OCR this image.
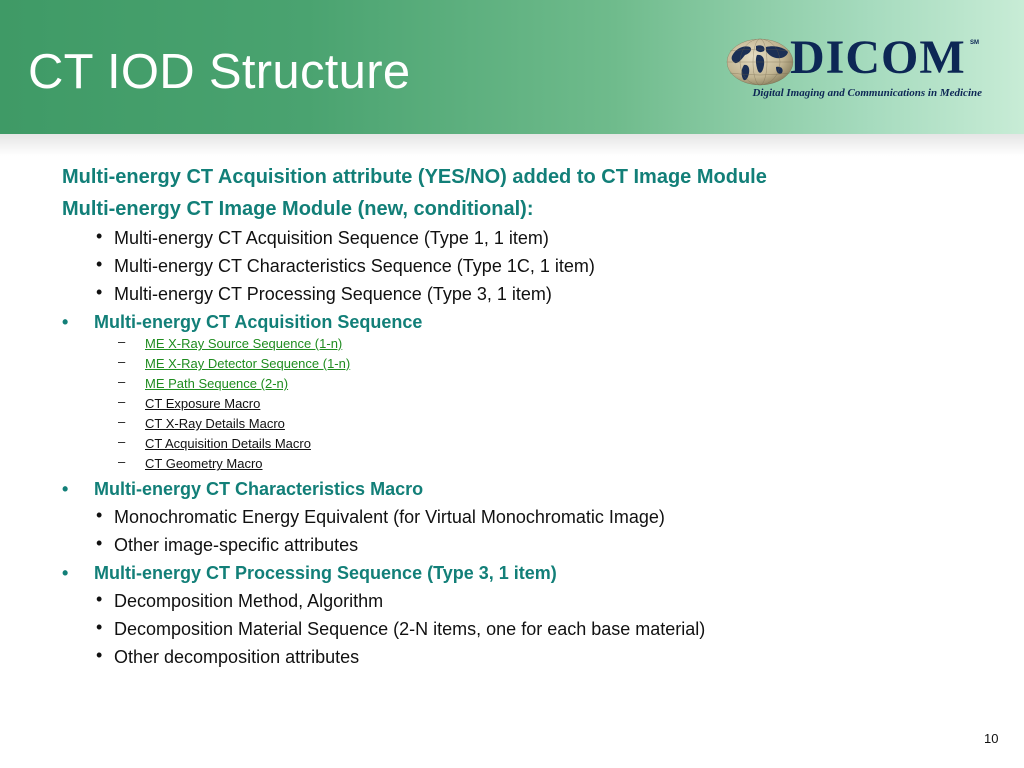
CT IOD Structure	DICOM SM
Digital Imaging and Communications in Medicine
Multi-energy CT Acquisition attribute (YES/NO) added to CT Image Module
Multi-energy CT Image Module (new, conditional):
• Multi-energy CT Acquisition Sequence (Type 1, 1 item)
• Multi-energy CT Characteristics Sequence (Type 1C, 1 item)
• Multi-energy CT Processing Sequence (Type 3, 1 item)
• Multi-energy CT Acquisition Sequence
– ME X-Ray Source Sequence (1-n)
– ME X-Ray Detector Sequence (1-n)
– ME Path Sequence (2-n)
– CT Exposure Macro
– CT X-Ray Details Macro
– CT Acquisition Details Macro
– CT Geometry Macro
• Multi-energy CT Characteristics Macro
• Monochromatic Energy Equivalent (for Virtual Monochromatic Image)
• Other image-specific attributes
• Multi-energy CT Processing Sequence (Type 3, 1 item)
• Decomposition Method, Algorithm
• Decomposition Material Sequence (2-N items, one for each base material)
• Other decomposition attributes
10
